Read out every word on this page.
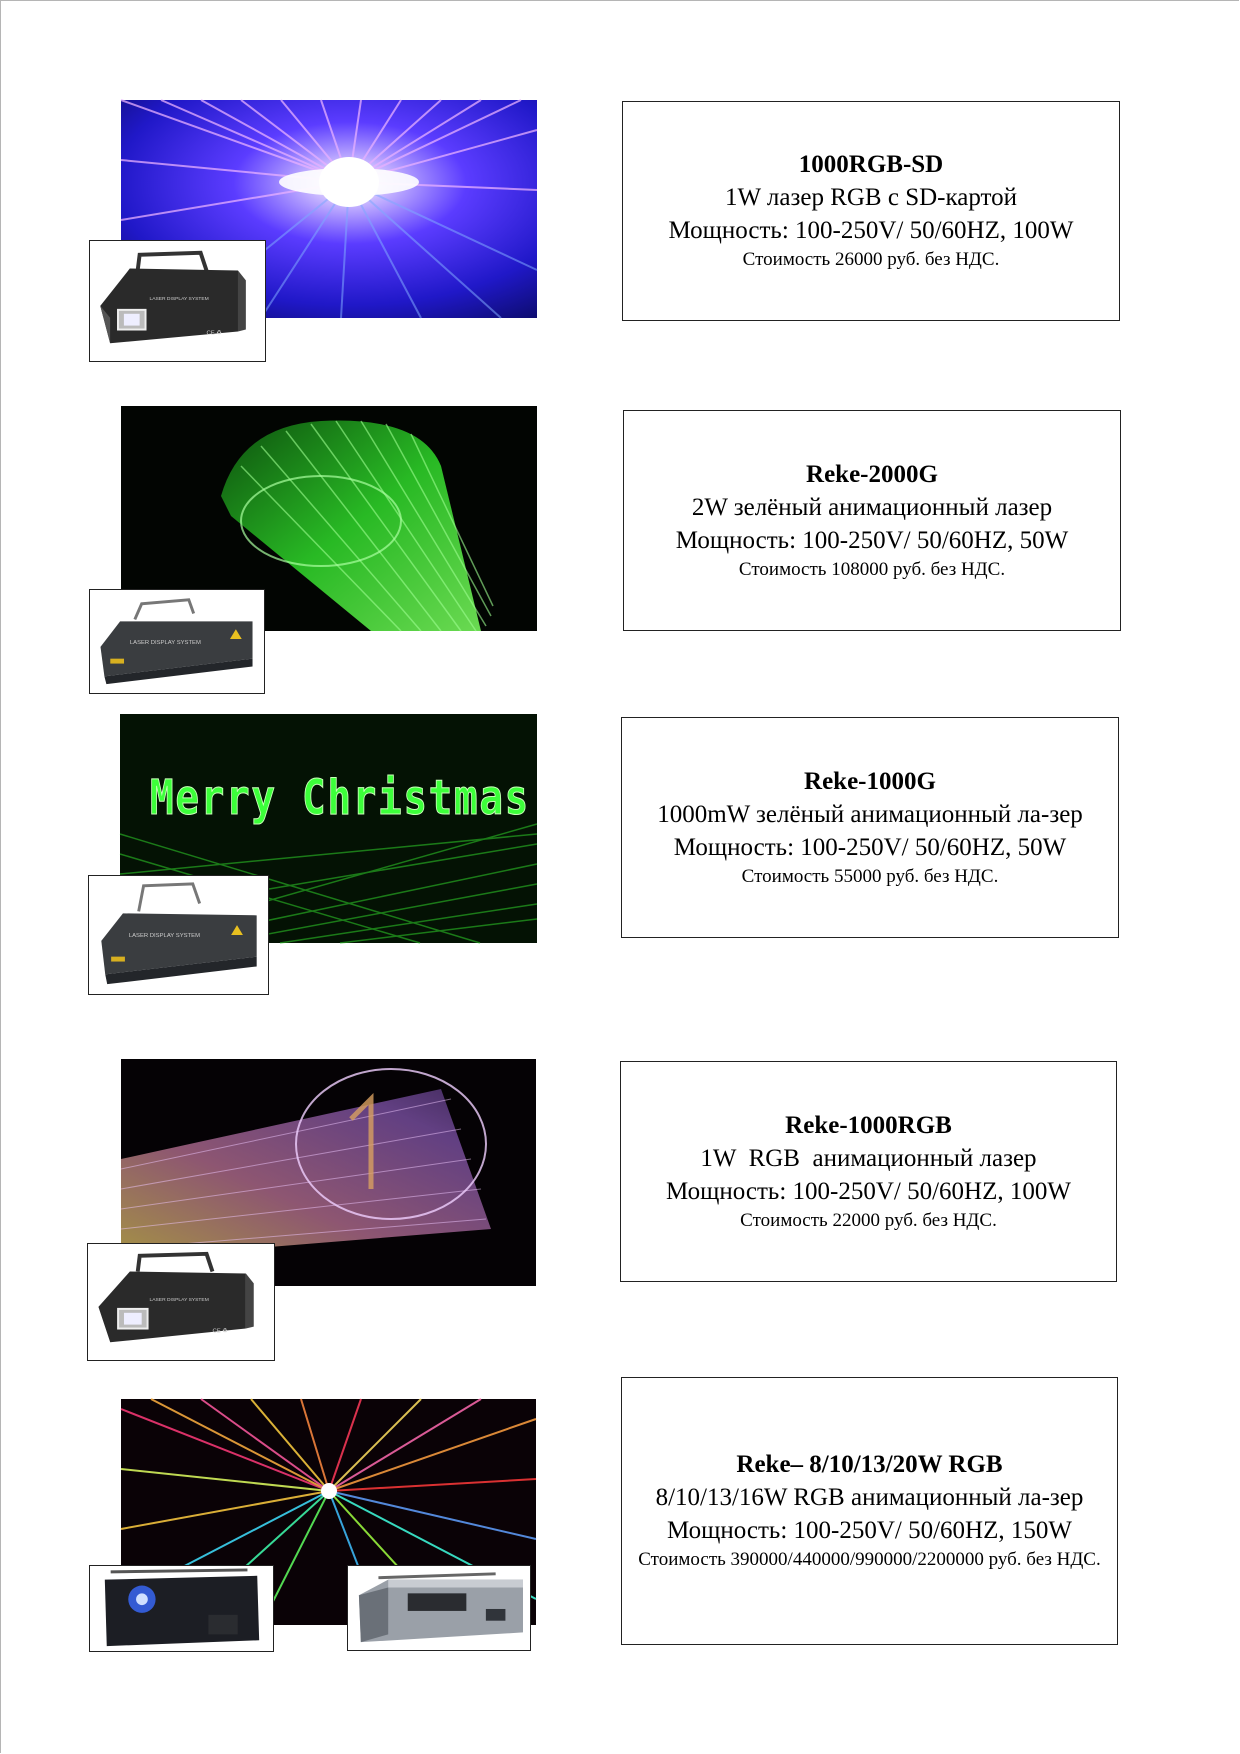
LASER DISPLAY SYSTEM
CE ♻
1000RGB-SD
1W лазер RGB с SD-картой
Мощность: 100-250V/ 50/60HZ, 100W
Стоимость 26000 руб. без НДС.
LASER DISPLAY SYSTEM
Reke-2000G
2W зелёный анимационный лазер
Мощность: 100-250V/ 50/60HZ, 50W
Стоимость 108000 руб. без НДС.
Merry Christmas
LASER DISPLAY SYSTEM
Reke-1000G
1000mW зелёный анимационный ла-зер
Мощность: 100-250V/ 50/60HZ, 50W
Стоимость 55000 руб. без НДС.
LASER DISPLAY SYSTEM
CE ♻
Reke-1000RGB
1W  RGB  анимационный лазер
Мощность: 100-250V/ 50/60HZ, 100W
Стоимость 22000 руб. без НДС.
Reke– 8/10/13/20W RGB
8/10/13/16W RGB анимационный ла-зер
Мощность: 100-250V/ 50/60HZ, 150W
Стоимость 390000/440000/990000/2200000 руб. без НДС.
